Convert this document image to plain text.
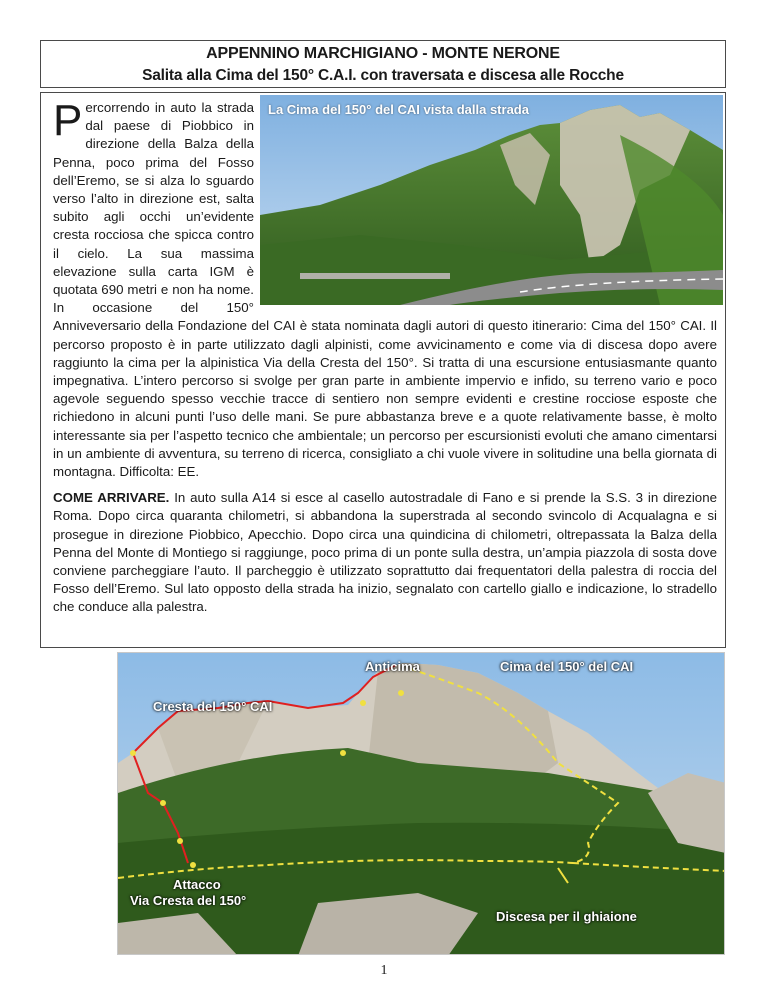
APPENNINO MARCHIGIANO - MONTE NERONE
Salita alla Cima del 150° C.A.I. con traversata e discesa alle Rocche
La Cima del 150° del CAI vista dalla strada

Percorrendo in auto la strada dal paese di Piobbico in direzione della Balza della Penna, poco prima del Fosso dell’Eremo, se si alza lo sguardo verso l’alto in direzione est, salta subito agli occhi un’evidente cresta rocciosa che spicca contro il cielo. La sua massima elevazione sulla carta IGM è quotata 690 metri e non ha nome. In occasione del 150° Anniveversario della Fondazione del CAI è stata nominata dagli autori di questo itinerario: Cima del 150° CAI. Il percorso proposto è in parte utilizzato dagli alpinisti, come avvicinamento e come via di discesa dopo avere raggiunto la cima per la alpinistica Via della Cresta del 150°. Si tratta di una escursione entusiasmante quanto impegnativa. L’intero percorso si svolge per gran parte in ambiente impervio e infido, su terreno vario e poco agevole seguendo spesso vecchie tracce di sentiero non sempre evidenti e crestine rocciose esposte che richiedono in alcuni punti l’uso delle mani. Se pure abbastanza breve e a quote relativamente basse, è molto interessante sia per l’aspetto tecnico che ambientale; un percorso per escursionisti evoluti che amano cimentarsi in un ambiente di avventura, su terreno di ricerca, consigliato a chi vuole vivere in solitudine una bella giornata di montagna. Difficolta: EE.

COME ARRIVARE. In auto sulla A14 si esce al casello autostradale di Fano e si prende la S.S. 3 in direzione Roma. Dopo circa quaranta chilometri, si abbandona la superstrada al secondo svincolo di Acqualagna e si prosegue in direzione Piobbico, Apecchio. Dopo circa una quindicina di chilometri, oltrepassata la Balza della Penna del Monte di Montiego si raggiunge, poco prima di un ponte sulla destra, un’ampia piazzola di sosta dove conviene parcheggiare l’auto. Il parcheggio è utilizzato soprattutto dai frequentatori della palestra di roccia del Fosso dell’Eremo. Sul lato opposto della strada ha inizio, segnalato con cartello giallo e indicazione, lo stradello che conduce alla palestra.

Anticima	Cima del 150° del CAI
Cresta del 150° CAI
Attacco
Via Cresta del 150°
Discesa per il ghiaione
1
